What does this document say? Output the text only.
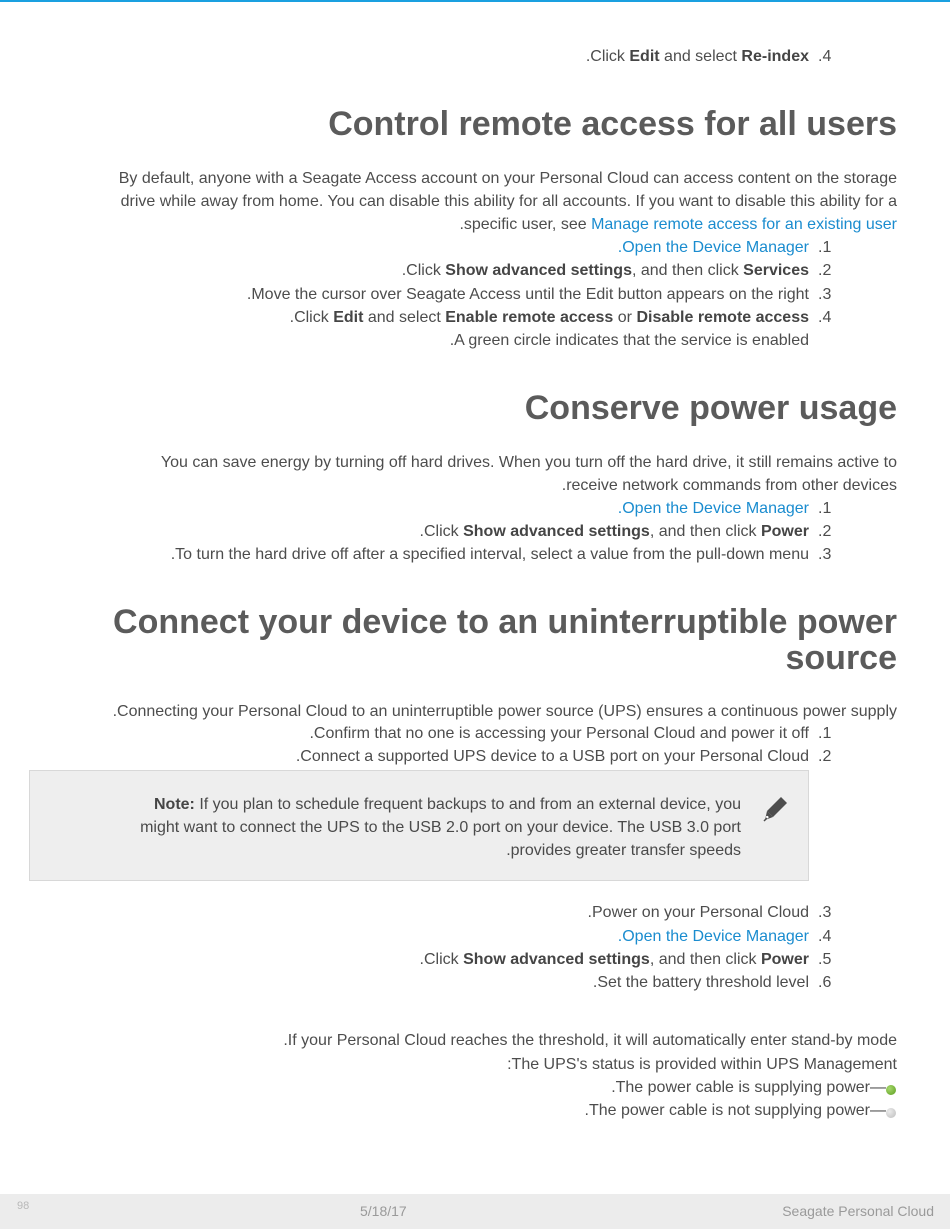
.Click Edit and select Re-index .4
Control remote access for all users
By default, anyone with a Seagate Access account on your Personal Cloud can access content on the storage
drive while away from home. You can disable this ability for all accounts. If you want to disable this ability for a
.specific user, see Manage remote access for an existing user
.Open the Device Manager .1
.Click Show advanced settings, and then click Services .2
.Move the cursor over Seagate Access until the Edit button appears on the right .3
.Click Edit and select Enable remote access or Disable remote access .4
.A green circle indicates that the service is enabled
Conserve power usage
You can save energy by turning off hard drives. When you turn off the hard drive, it still remains active to
.receive network commands from other devices
.Open the Device Manager .1
.Click Show advanced settings, and then click Power .2
.To turn the hard drive off after a specified interval, select a value from the pull-down menu .3
Connect your device to an uninterruptible power
source
.Connecting your Personal Cloud to an uninterruptible power source (UPS) ensures a continuous power supply
.Confirm that no one is accessing your Personal Cloud and power it off .1
.Connect a supported UPS device to a USB port on your Personal Cloud .2
Note: If you plan to schedule frequent backups to and from an external device, you
might want to connect the UPS to the USB 2.0 port on your device. The USB 3.0 port
.provides greater transfer speeds
.Power on your Personal Cloud .3
.Open the Device Manager .4
.Click Show advanced settings, and then click Power .5
.Set the battery threshold level .6
.If your Personal Cloud reaches the threshold, it will automatically enter stand-by mode
:The UPS's status is provided within UPS Management
.The power cable is supplying power—
.The power cable is not supplying power—
98	5/18/17	Seagate Personal Cloud
